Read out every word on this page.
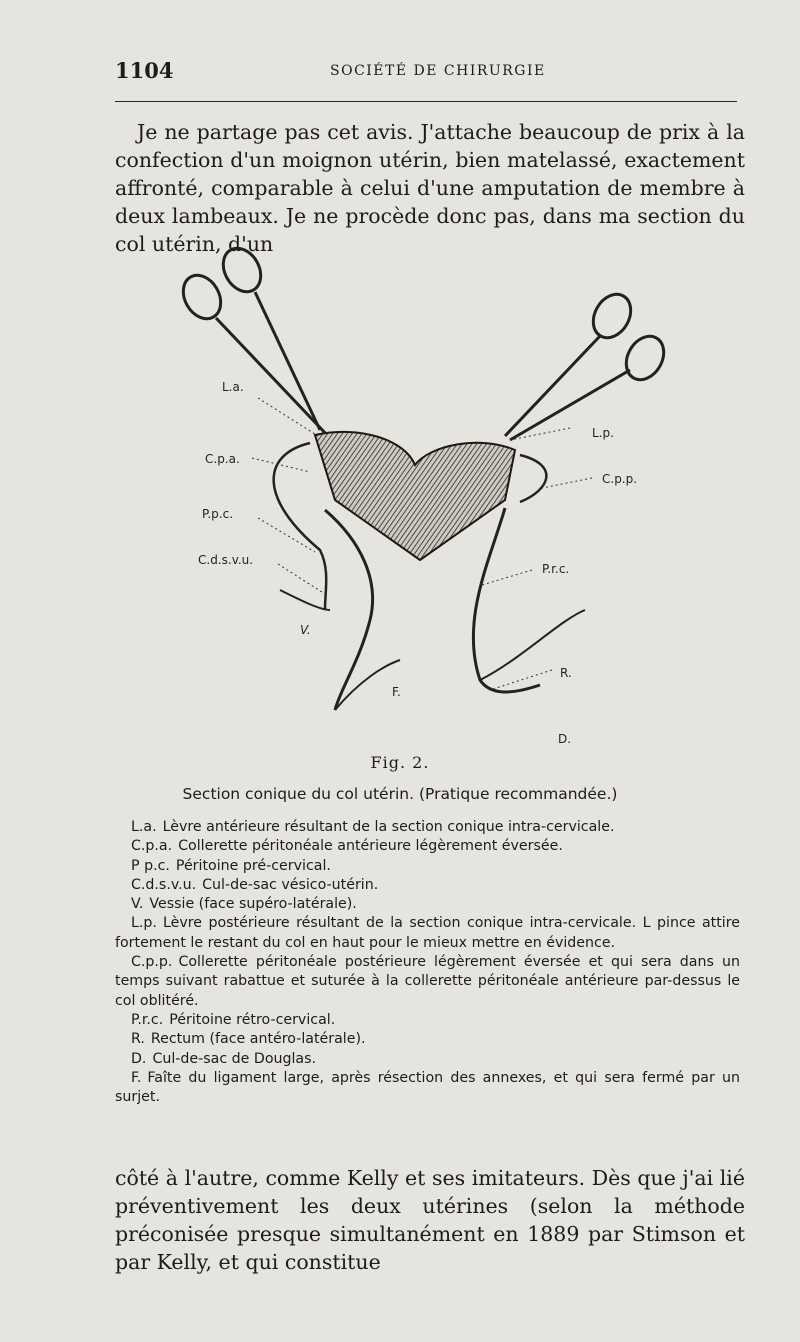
1104	SOCIÉTÉ DE CHIRURGIE

Je ne partage pas cet avis. J'attache beaucoup de prix à la confection d'un moignon utérin, bien matelassé, exactement affronté, comparable à celui d'une amputation de membre à deux lambeaux. Je ne procède donc pas, dans ma section du col utérin, d'un

L.a.
C.p.a.
P.p.c.
C.d.s.v.u.
V.
F.
L.p.
C.p.p.
P.r.c.
R.
D.
Fig. 2.
Section conique du col utérin. (Pratique recommandée.)

L.a. Lèvre antérieure résultant de la section conique intra-cervicale.

C.p.a. Collerette péritonéale antérieure légèrement éversée.

P p.c. Péritoine pré-cervical.

C.d.s.v.u. Cul-de-sac vésico-utérin.

V. Vessie (face supéro-latérale).

L.p. Lèvre postérieure résultant de la section conique intra-cervicale. L pince attire fortement le restant du col en haut pour le mieux mettre en évidence.

C.p.p. Collerette péritonéale postérieure légèrement éversée et qui sera dans un temps suivant rabattue et suturée à la collerette péritonéale antérieure par-dessus le col oblitéré.

P.r.c. Péritoine rétro-cervical.

R. Rectum (face antéro-latérale).

D. Cul-de-sac de Douglas.

F. Faîte du ligament large, après résection des annexes, et qui sera fermé par un surjet.

côté à l'autre, comme Kelly et ses imitateurs. Dès que j'ai lié préventivement les deux utérines (selon la méthode préconisée presque simultanément en 1889 par Stimson et par Kelly, et qui constitue
